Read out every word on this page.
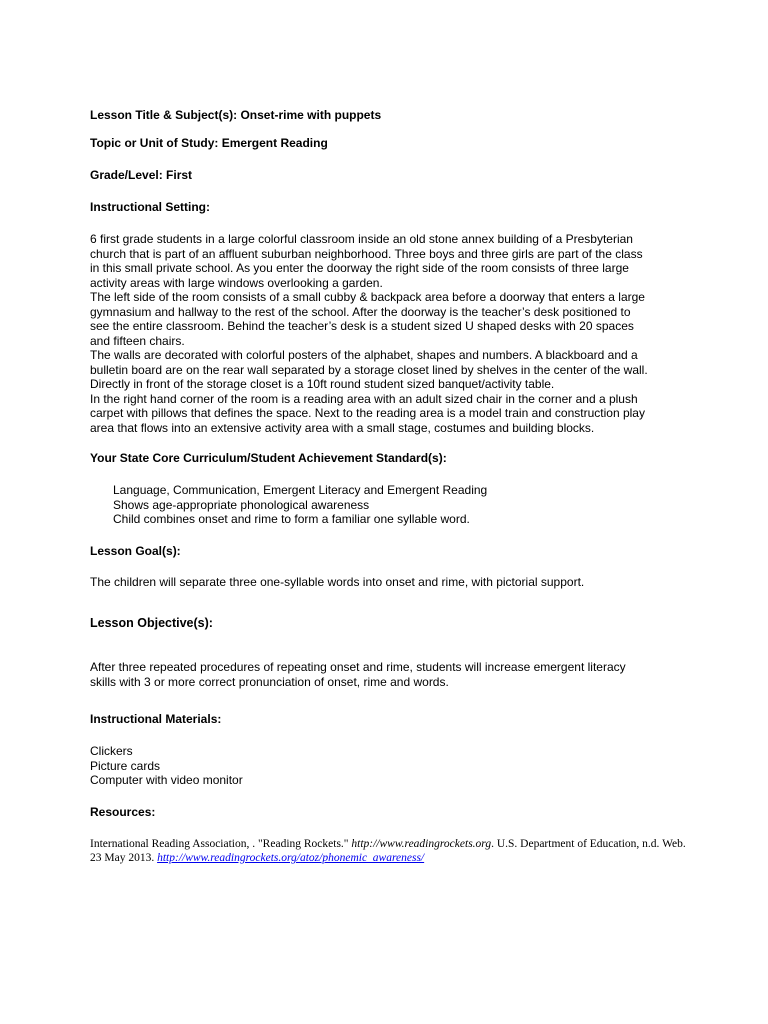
Lesson Title & Subject(s): Onset-rime with puppets

Topic or Unit of Study: Emergent Reading

Grade/Level: First

Instructional Setting:

6 first grade students in a large colorful classroom inside an old stone annex building of a Presbyterian
church that is part of an affluent suburban neighborhood. Three boys and three girls are part of the class
in this small private school. As you enter the doorway the right side of the room consists of three large
activity areas with large windows overlooking a garden.
The left side of the room consists of a small cubby & backpack area before a doorway that enters a large
gymnasium and hallway to the rest of the school. After the doorway is the teacher’s desk positioned to
see the entire classroom. Behind the teacher’s desk is a student sized U shaped desks with 20 spaces
and fifteen chairs.
The walls are decorated with colorful posters of the alphabet, shapes and numbers. A blackboard and a
bulletin board are on the rear wall separated by a storage closet lined by shelves in the center of the wall.
Directly in front of the storage closet is a 10ft round student sized banquet/activity table.
In the right hand corner of the room is a reading area with an adult sized chair in the corner and a plush
carpet with pillows that defines the space. Next to the reading area is a model train and construction play
area that flows into an extensive activity area with a small stage, costumes and building blocks.

Your State Core Curriculum/Student Achievement Standard(s):

Language, Communication, Emergent Literacy and Emergent Reading
Shows age-appropriate phonological awareness
Child combines onset and rime to form a familiar one syllable word.

Lesson Goal(s):

The children will separate three one-syllable words into onset and rime, with pictorial support.

Lesson Objective(s):

After three repeated procedures of repeating onset and rime, students will increase emergent literacy
skills with 3 or more correct pronunciation of onset, rime and words.

Instructional Materials:

Clickers
Picture cards
Computer with video monitor

Resources:

International Reading Association, . "Reading Rockets." http://www.readingrockets.org. U.S. Department of Education, n.d. Web. 23 May 2013. http://www.readingrockets.org/atoz/phonemic_awareness/
